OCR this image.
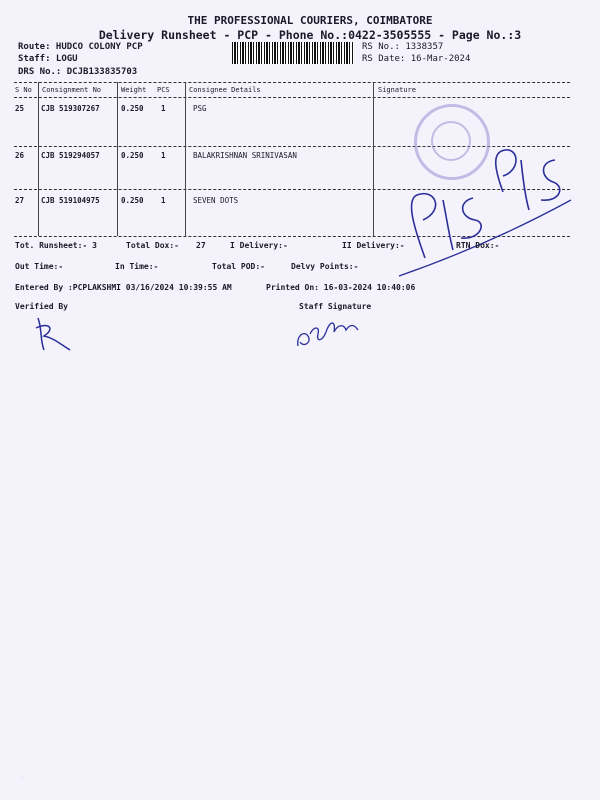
THE PROFESSIONAL COURIERS, COIMBATORE
Delivery Runsheet - PCP - Phone No.:0422-3505555 - Page No.:3
Route: HUDCO COLONY PCP
Staff: LOGU
DRS No.: DCJB133835703
RS No.: 1338357
RS Date: 16-Mar-2024
S No Consignment No	Weight PCS	Consignee Details	Signature
25 CJB 519307267	0.250 1	PSG
26 CJB 519294057	0.250 1	BALAKRISHNAN SRINIVASAN
27 CJB 519104975	0.250 1	SEVEN DOTS
Tot. Runsheet:- 3	Total Dox:- 27	I Delivery:-	II Delivery:-	RTN Dox:-
Out Time:-	In Time:-	Total POD:-	Delvy Points:-
Entered By :PCPLAKSHMI 03/16/2024 10:39:55 AM	Printed On: 16-03-2024 10:40:06
Verified By	Staff Signature
·
